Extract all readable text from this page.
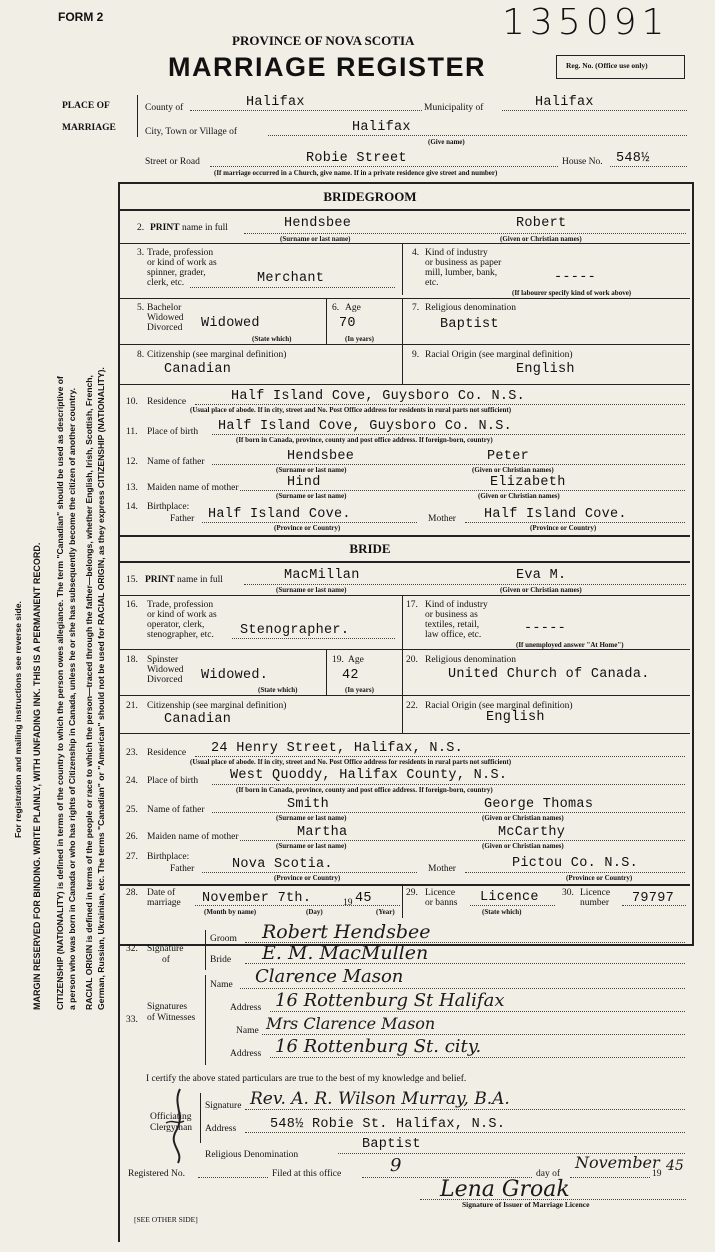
FORM 2	135091
PROVINCE OF NOVA SCOTIA
MARRIAGE REGISTER	Reg. No. (Office use only)
PLACE OF
MARRIAGE
County of	Halifax	Municipality of	Halifax
City, Town or Village of	Halifax
(Give name)
Street or Road	Robie Street	House No. 548½
(If marriage occurred in a Church, give name. If in a private residence give street and number)
For registration and mailing instructions see reverse side. MARGIN RESERVED FOR BINDING. WRITE PLAINLY, WITH UNFADING INK. THIS IS A PERMANENT RECORD. CITIZENSHIP (NATIONALITY) is defined in terms of the country to which the person owes allegiance. The term "Canadian" should be used as descriptive of a person who was born in Canada or who has rights of Citizenship in Canada, unless he or she has subsequently become the citizen of another country. RACIAL ORIGIN is defined in terms of the people or race to which the person—traced through the father—belongs, whether English, Irish, Scottish, French, German, Russian, Ukrainian, etc. The terms "Canadian" or "American" should not be used for RACIAL ORIGIN, as they express CITIZENSHIP (NATIONALITY).
BRIDEGROOM
2. PRINT name in full	Hendsbee	Robert
(Surname or last name)	(Given or Christian names)
3. Trade, profession
or kind of work as
spinner, grader,
clerk, etc.	Merchant
4. Kind of industry
or business as paper
mill, lumber, bank,
etc.	-----
(If labourer specify kind of work above)
5. Bachelor
Widowed
Divorced Widowed
(State which)
6. Age
70
(In years)
7. Religious denomination
Baptist
8. Citizenship (see marginal definition)
Canadian
9. Racial Origin (see marginal definition)
English
10. Residence	Half Island Cove, Guysboro Co. N.S.
(Usual place of abode. If in city, street and No. Post Office address for residents in rural parts not sufficient)
11. Place of birth Half Island Cove, Guysboro Co. N.S.
(If born in Canada, province, county and post office address. If foreign-born, country)
12. Name of father	Hendsbee	Peter
(Surname or last name)	(Given or Christian names)
13. Maiden name of mother	Hind	Elizabeth
(Surname or last name)	(Given or Christian names)
14. Birthplace:
Father Half Island Cove.
(Province or Country)
Mother Half Island Cove.
(Province or Country)
BRIDE
15. PRINT name in full	MacMillan	Eva M.
(Surname or last name)	(Given or Christian names)
16. Trade, profession
or kind of work as
operator, clerk,
stenographer, etc. Stenographer.
17. Kind of industry
or business as
textiles, retail,
law office, etc.	-----
(If unemployed answer "At Home")
18. Spinster
Widowed
Divorced Widowed.
(State which)
19. Age
42
(In years)
20. Religious denomination
United Church of Canada.
21. Citizenship (see marginal definition)
Canadian
22. Racial Origin (see marginal definition)
English
23. Residence 24 Henry Street, Halifax, N.S.
(Usual place of abode. If in city, street and No. Post Office address for residents in rural parts not sufficient)
24. Place of birth West Quoddy, Halifax County, N.S.
(If born in Canada, province, county and post office address. If foreign-born, country)
25. Name of father	Smith	George Thomas
(Surname or last name)	(Given or Christian names)
26. Maiden name of mother	Martha	McCarthy
(Surname or last name)	(Given or Christian names)
27. Birthplace:
Father	Nova Scotia.
(Province or Country)
Mother	Pictou Co. N.S.
(Province or Country)
28. Date of
marriage November 7th.	19 45
(Month by name)	(Day)	(Year)
29. Licence
or banns Licence
(State which)
30. Licence
number 79797
32. Signature
of
Groom Robert Hendsbee
Bride E. M. MacMullen
33.
Signatures
of Witnesses
Name Clarence Mason
Address 16 Rottenburg St Halifax
Name Mrs Clarence Mason
Address 16 Rottenburg St. city.
I certify the above stated particulars are true to the best of my knowledge and belief.
Officiating
Clergyman
Signature Rev. A. R. Wilson Murray, B.A.
Address	548½ Robie St. Halifax, N.S.
Religious Denomination
Baptist
Registered No.	Filed at this office	9	day of
November
19 45
Lena Groak
Signature of Issuer of Marriage Licence
[SEE OTHER SIDE]
